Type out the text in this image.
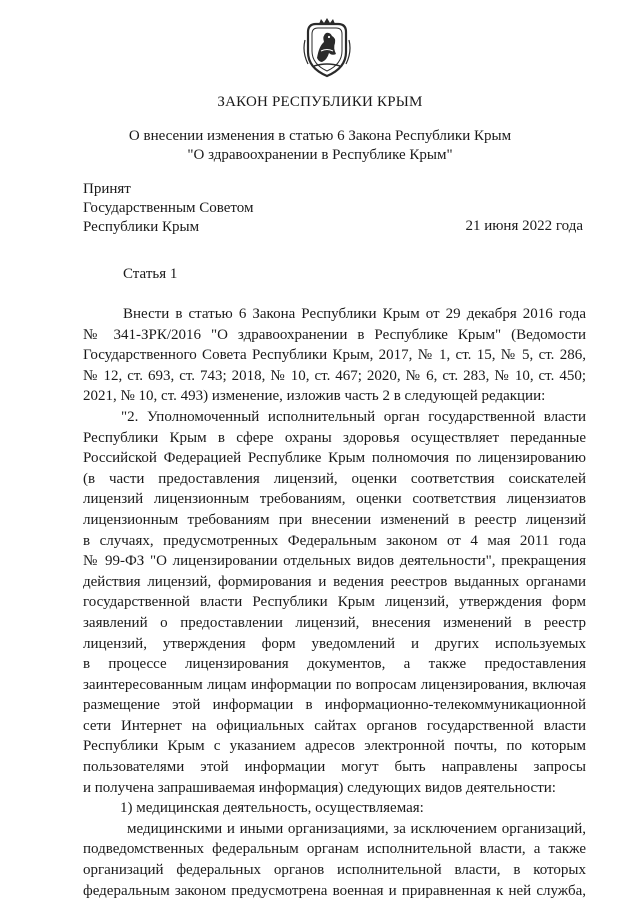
ЗАКОН РЕСПУБЛИКИ КРЫМ
О внесении изменения в статью 6 Закона Республики Крым
"О здравоохранении в Республике Крым"
Принят
Государственным Советом
Республики Крым	21 июня 2022 года
Статья 1
Внести в статью 6 Закона Республики Крым от 29 декабря 2016 года
№ 341-ЗРК/2016 "О здравоохранении в Республике Крым" (Ведомости
Государственного Совета Республики Крым, 2017, № 1, ст. 15, № 5, ст. 286,
№ 12, ст. 693, ст. 743; 2018, № 10, ст. 467; 2020, № 6, ст. 283, № 10, ст. 450;
2021, № 10, ст. 493) изменение, изложив часть 2 в следующей редакции:
"2. Уполномоченный исполнительный орган государственной власти
Республики Крым в сфере охраны здоровья осуществляет переданные
Российской Федерацией Республике Крым полномочия по лицензированию
(в части предоставления лицензий, оценки соответствия соискателей
лицензий лицензионным требованиям, оценки соответствия лицензиатов
лицензионным требованиям при внесении изменений в реестр лицензий
в случаях, предусмотренных Федеральным законом от 4 мая 2011 года
№ 99-ФЗ "О лицензировании отдельных видов деятельности", прекращения
действия лицензий, формирования и ведения реестров выданных органами
государственной власти Республики Крым лицензий, утверждения форм
заявлений о предоставлении лицензий, внесения изменений в реестр
лицензий, утверждения форм уведомлений и других используемых
в процессе лицензирования документов, а также предоставления
заинтересованным лицам информации по вопросам лицензирования, включая
размещение этой информации в информационно-телекоммуникационной
сети Интернет на официальных сайтах органов государственной власти
Республики Крым с указанием адресов электронной почты, по которым
пользователями этой информации могут быть направлены запросы
и получена запрашиваемая информация) следующих видов деятельности:
1) медицинская деятельность, осуществляемая:
медицинскими и иными организациями, за исключением организаций,
подведомственных федеральным органам исполнительной власти, а также
организаций федеральных органов исполнительной власти, в которых
федеральным законом предусмотрена военная и приравненная к ней служба,
